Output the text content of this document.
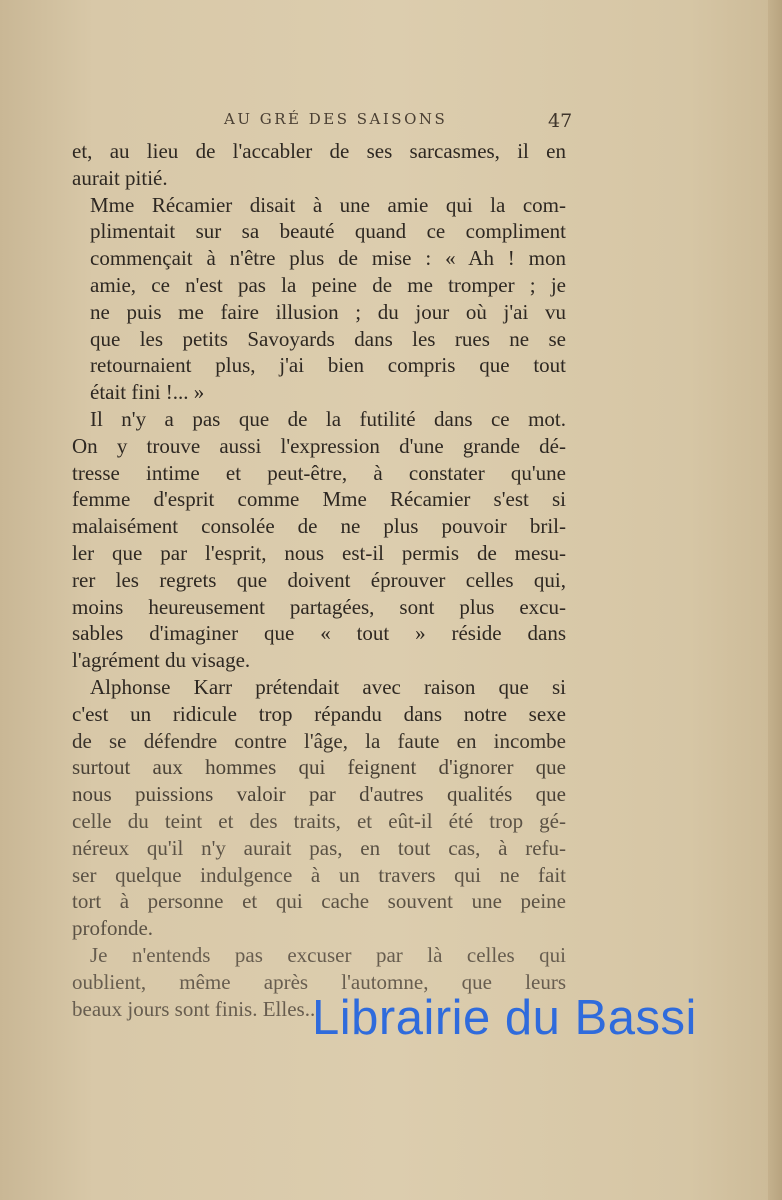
AU GRÉ DES SAISONS	47

et, au lieu de l'accabler de ses sarcasmes, il en
aurait pitié.

Mme Récamier disait à une amie qui la com-
plimentait sur sa beauté quand ce compliment
commençait à n'être plus de mise : « Ah ! mon
amie, ce n'est pas la peine de me tromper ; je
ne puis me faire illusion ; du jour où j'ai vu
que les petits Savoyards dans les rues ne se
retournaient plus, j'ai bien compris que tout
était fini !... »

Il n'y a pas que de la futilité dans ce mot.
On y trouve aussi l'expression d'une grande dé-
tresse intime et peut-être, à constater qu'une
femme d'esprit comme Mme Récamier s'est si
malaisément consolée de ne plus pouvoir bril-
ler que par l'esprit, nous est-il permis de mesu-
rer les regrets que doivent éprouver celles qui,
moins heureusement partagées, sont plus excu-
sables d'imaginer que « tout » réside dans
l'agrément du visage.

Alphonse Karr prétendait avec raison que si
c'est un ridicule trop répandu dans notre sexe
de se défendre contre l'âge, la faute en incombe
surtout aux hommes qui feignent d'ignorer que
nous puissions valoir par d'autres qualités que
celle du teint et des traits, et eût-il été trop gé-
néreux qu'il n'y aurait pas, en tout cas, à refu-
ser quelque indulgence à un travers qui ne fait
tort à personne et qui cache souvent une peine
profonde.

Je n'entends pas excuser par là celles qui
oublient, même après l'automne, que leurs
beaux jours sont finis. Elles...

Librairie du Bassi
